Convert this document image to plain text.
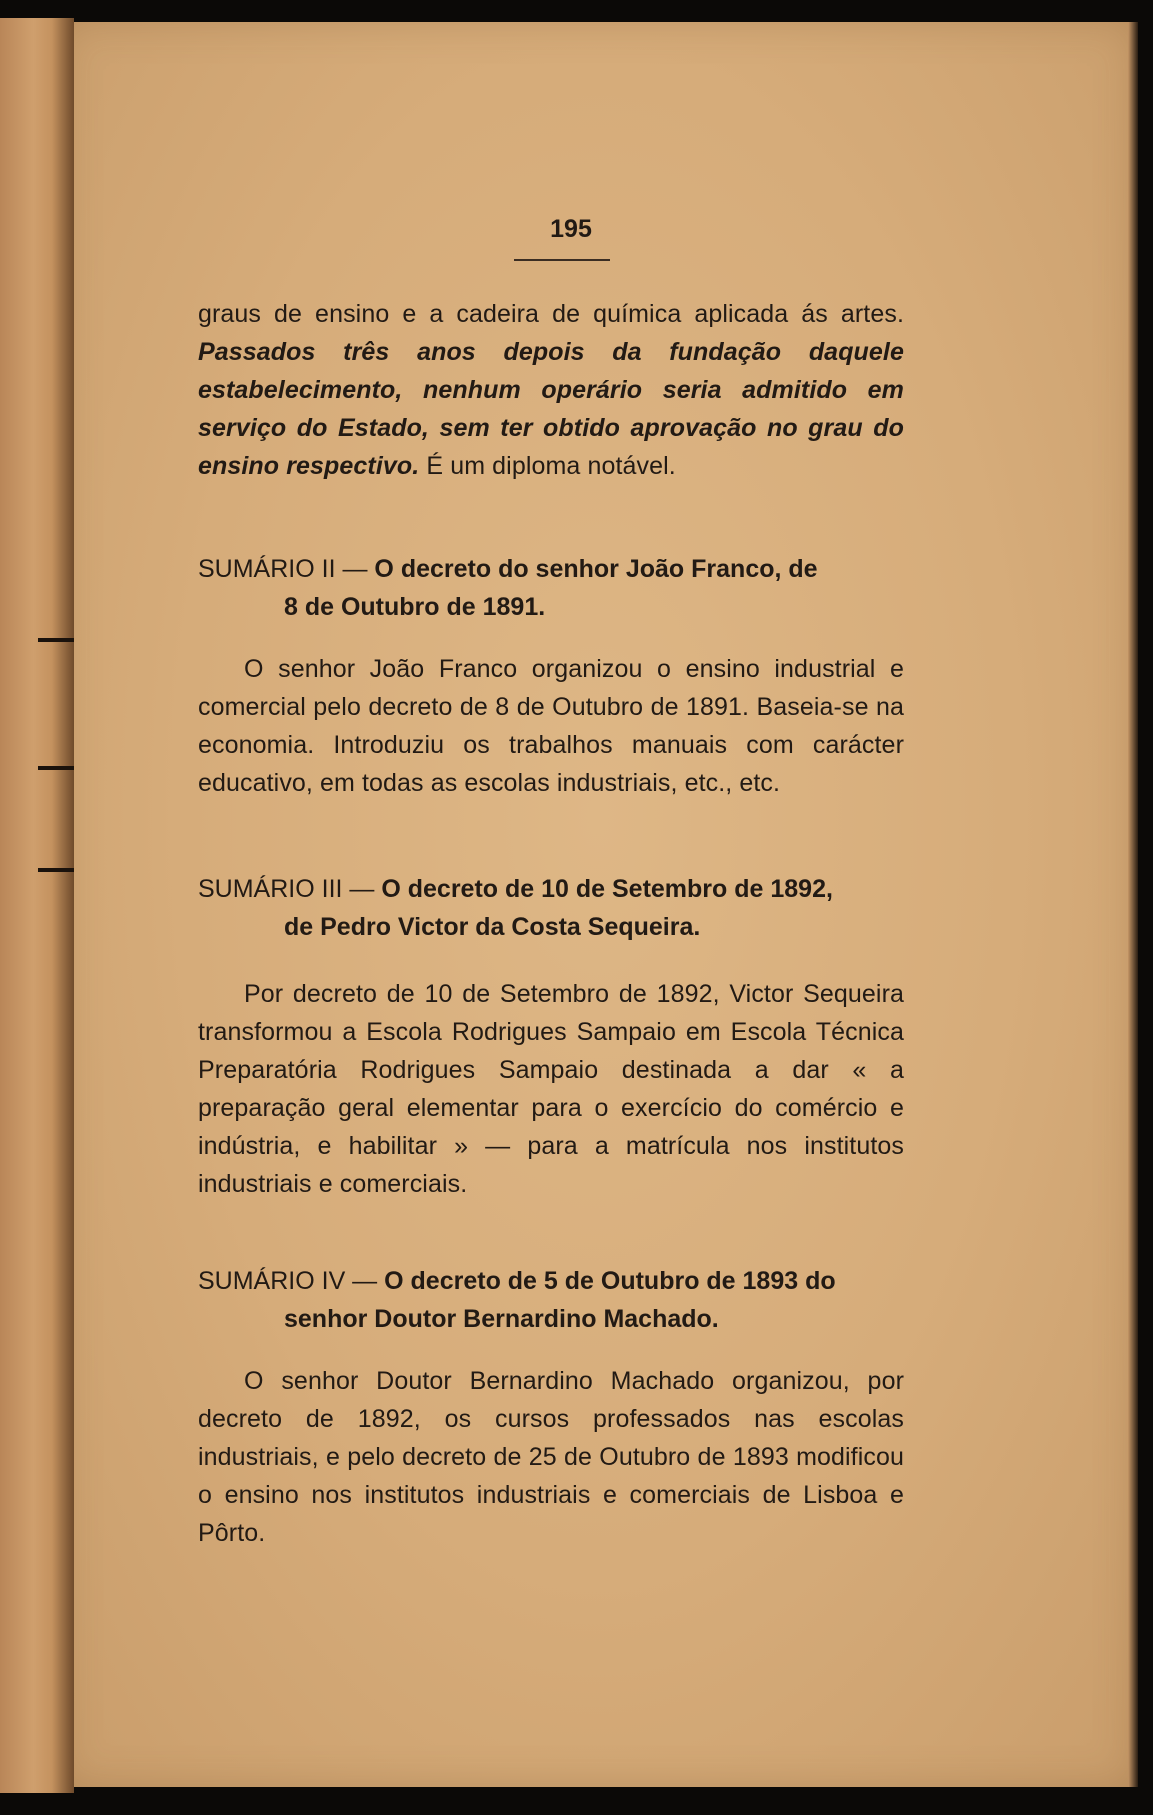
195

graus de ensino e a cadeira de química aplicada ás artes. Passados três anos depois da fundação daquele estabelecimento, nenhum operário seria admitido em serviço do Estado, sem ter obtido aprovação no grau do ensino respectivo. É um diploma notável.

SUMÁRIO II — O decreto do senhor João Franco, de
8 de Outubro de 1891.

O senhor João Franco organizou o ensino industrial e comercial pelo decreto de 8 de Outubro de 1891. Baseia-se na economia. Introduziu os trabalhos manuais com carácter educativo, em todas as escolas industriais, etc., etc.

SUMÁRIO III — O decreto de 10 de Setembro de 1892,
de Pedro Victor da Costa Sequeira.

Por decreto de 10 de Setembro de 1892, Victor Sequeira transformou a Escola Rodrigues Sampaio em Escola Técnica Preparatória Rodrigues Sampaio destinada a dar « a preparação geral elementar para o exercício do comércio e indústria, e habilitar » — para a matrícula nos institutos industriais e comerciais.

SUMÁRIO IV — O decreto de 5 de Outubro de 1893 do
senhor Doutor Bernardino Machado.

O senhor Doutor Bernardino Machado organizou, por decreto de 1892, os cursos professados nas escolas industriais, e pelo decreto de 25 de Outubro de 1893 modificou o ensino nos institutos industriais e comerciais de Lisboa e Pôrto.
